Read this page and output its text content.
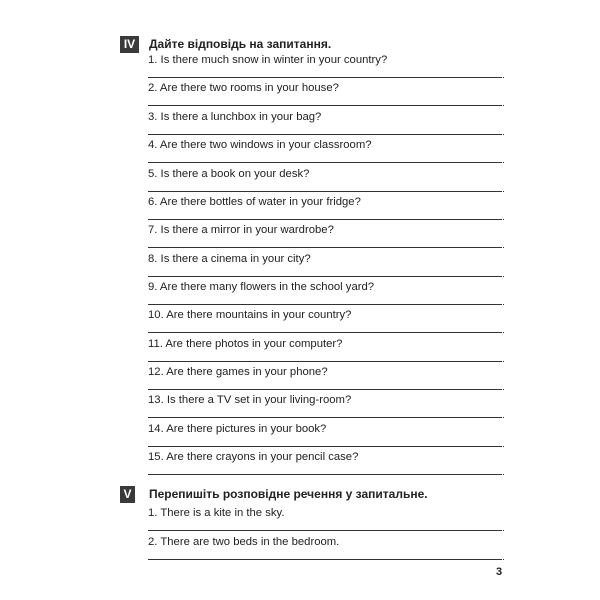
IV	Дайте відповідь на запитання.
1. Is there much snow in winter in your country?
2. Are there two rooms in your house?
3. Is there a lunchbox in your bag?
4. Are there two windows in your classroom?
5. Is there a book on your desk?
6. Are there bottles of water in your fridge?
7. Is there a mirror in your wardrobe?
8. Is there a cinema in your city?
9. Are there many flowers in the school yard?
10. Are there mountains in your country?
11. Are there photos in your computer?
12. Are there games in your phone?
13. Is there a TV set in your living-room?
14. Are there pictures in your book?
15. Are there crayons in your pencil case?
V Перепишіть розповідне речення у запитальне.
1. There is a kite in the sky.
2. There are two beds in the bedroom.
3
